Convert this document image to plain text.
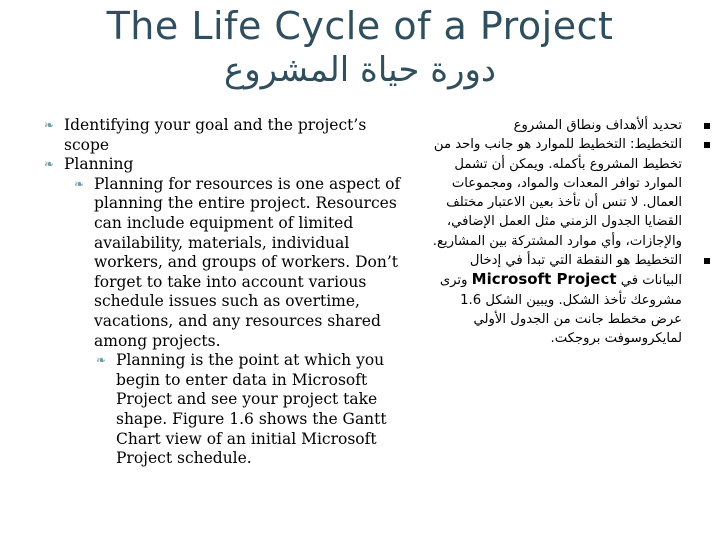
The Life Cycle of a Project
دورة حياة المشروع
❧ Identifying your goal and the project’s scope
❧ Planning
❧ Planning for resources is one aspect of planning the entire project. Resources can include equipment of limited availability, materials, individual workers, and groups of workers. Don’t forget to take into account various schedule issues such as overtime, vacations, and any resources shared among projects.
❧ Planning is the point at which you begin to enter data in Microsoft Project and see your project take shape. Figure 1.6 shows the Gantt Chart view of an initial Microsoft Project schedule.
تحديد ألأهداف ونطاق المشروع
التخطيط: التخطيط للموارد هو جانب واحد من تخطيط المشروع بأكمله. ويمكن أن تشمل الموارد توافر المعدات والمواد، ومجموعات العمال. لا تنس أن تأخذ بعين الاعتبار مختلف القضايا الجدول الزمني مثل العمل الإضافي، والإجازات، وأي موارد المشتركة بين المشاريع.
التخطيط هو النقطة التي تبدأ في إدخال البيانات في Microsoft Project وترى مشروعك تأخذ الشكل. ويبين الشكل 1.6 عرض مخطط جانت من الجدول الأولي لمايكروسوفت بروجكت.
